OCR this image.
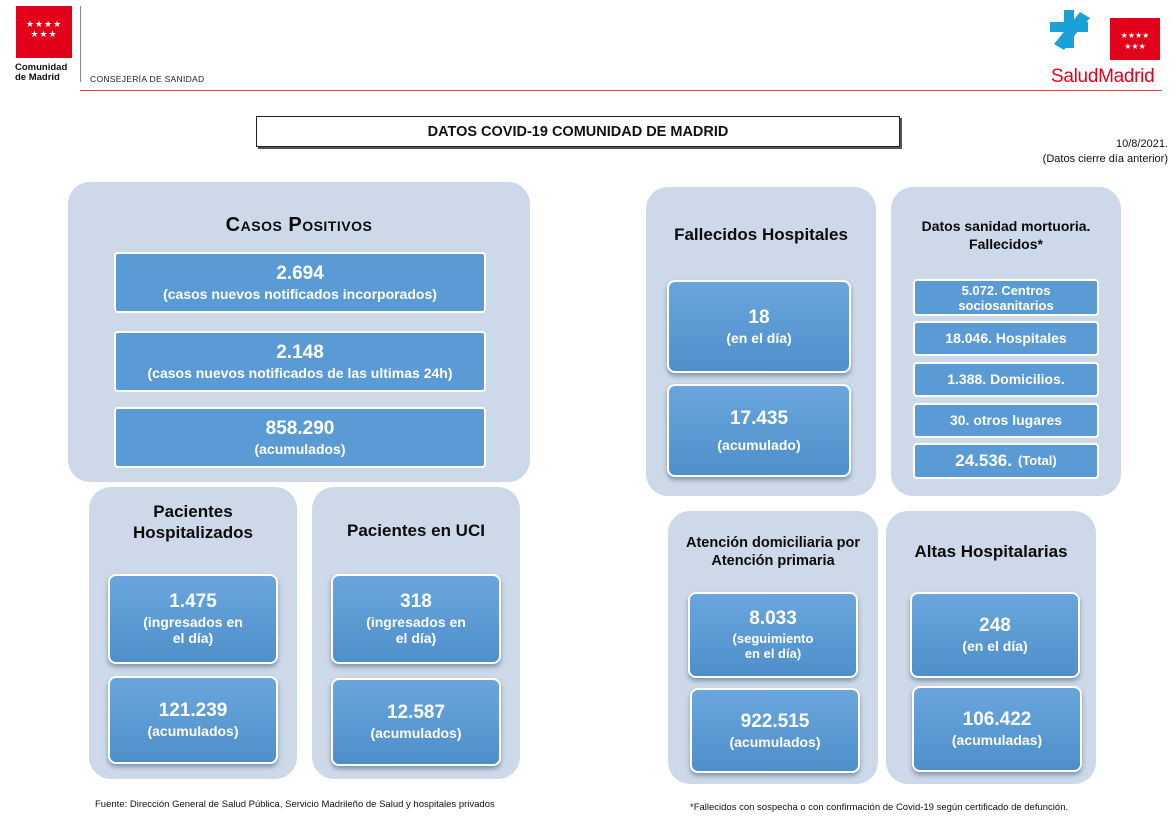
★★★★
★★★
Comunidad
de Madrid	CONSEJERÍA DE SANIDAD
★★★★
★★★
SaludMadrid
DATOS COVID-19 COMUNIDAD DE MADRID
10/8/2021.
(Datos cierre día anterior)
Casos Positivos
2.694
(casos nuevos notificados incorporados)
2.148
(casos nuevos notificados de las ultimas 24h)
858.290
(acumulados)
Pacientes
Hospitalizados
1.475
(ingresados en
el día)
121.239
(acumulados)
Pacientes en UCI
318
(ingresados en
el día)
12.587
(acumulados)
Fallecidos Hospitales
18
(en el día)
17.435
(acumulado)
Datos sanidad mortuoria.
Fallecidos*
5.072. Centros
sociosanitarios
18.046. Hospitales
1.388. Domicilios.
30. otros lugares
24.536. (Total)
Atención domiciliaria por
Atención primaria
8.033
(seguimiento
en el día)
922.515
(acumulados)
Altas Hospitalarias
248
(en el día)
106.422
(acumuladas)
Fuente: Dirección General de Salud Pública, Servicio Madrileño de Salud y hospitales privados	*Fallecidos con sospecha o con confirmación de Covid-19 según certificado de defunción.
